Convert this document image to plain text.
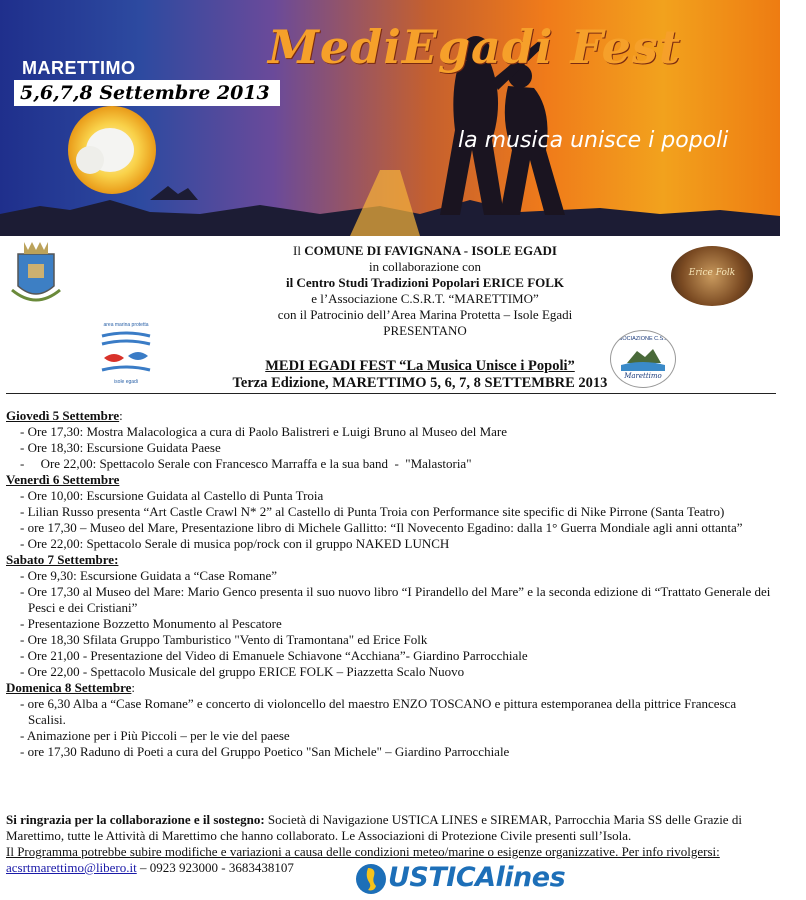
MARETTIMO
5,6,7,8 Settembre 2013
MediEgadi Fest
la musica unisce i popoli
area marina protetta
isole egadi
Erice Folk
ASSOCIAZIONE C.S.R.T.
Marettimo
Il COMUNE DI FAVIGNANA - ISOLE EGADI
in collaborazione con
il Centro Studi Tradizioni Popolari ERICE FOLK
e l’Associazione C.S.R.T. “MARETTIMO”
con il Patrocinio dell’Area Marina Protetta – Isole Egadi
PRESENTANO
MEDI EGADI FEST “La Musica Unisce i Popoli”
Terza Edizione, MARETTIMO 5, 6, 7, 8 SETTEMBRE 2013
Giovedì 5 Settembre:
- Ore 17,30: Mostra Malacologica a cura di Paolo Balistreri e Luigi Bruno al Museo del Mare
- Ore 18,30: Escursione Guidata Paese
-     Ore 22,00: Spettacolo Serale con Francesco Marraffa e la sua band  -  "Malastoria"
Venerdì 6 Settembre
- Ore 10,00: Escursione Guidata al Castello di Punta Troia
- Lilian Russo presenta “Art Castle Crawl N* 2” al Castello di Punta Troia con Performance site specific di Nike Pirrone (Santa Teatro)
- ore 17,30 – Museo del Mare, Presentazione libro di Michele Gallitto: “Il Novecento Egadino: dalla 1° Guerra Mondiale agli anni ottanta”
- Ore 22,00: Spettacolo Serale di musica pop/rock con il gruppo NAKED LUNCH
Sabato 7 Settembre:
- Ore 9,30: Escursione Guidata a “Case Romane”
- Ore 17,30 al Museo del Mare: Mario Genco presenta il suo nuovo libro “I Pirandello del Mare” e la seconda edizione di “Trattato Generale dei Pesci e dei Cristiani”
- Presentazione Bozzetto Monumento al Pescatore
- Ore 18,30 Sfilata Gruppo Tamburistico "Vento di Tramontana" ed Erice Folk
- Ore 21,00 - Presentazione del Video di Emanuele Schiavone “Acchiana”- Giardino Parrocchiale
- Ore 22,00 - Spettacolo Musicale del gruppo ERICE FOLK – Piazzetta Scalo Nuovo
Domenica 8 Settembre:
- ore 6,30 Alba a “Case Romane” e concerto di violoncello del maestro ENZO TOSCANO e pittura estemporanea della pittrice Francesca Scalisi.
- Animazione per i Più Piccoli – per le vie del paese
- ore 17,30 Raduno di Poeti a cura del Gruppo Poetico "San Michele" – Giardino Parrocchiale
Si ringrazia per la collaborazione e il sostegno: Società di Navigazione USTICA LINES e SIREMAR, Parrocchia Maria SS delle Grazie di Marettimo, tutte le Attività di Marettimo che hanno collaborato. Le Associazioni di Protezione Civile presenti sull’Isola.
Il Programma potrebbe subire modifiche e variazioni a causa delle condizioni meteo/marine o esigenze organizzative. Per info rivolgersi:
acsrtmarettimo@libero.it – 0923 923000 - 3683438107	USTICAlines
